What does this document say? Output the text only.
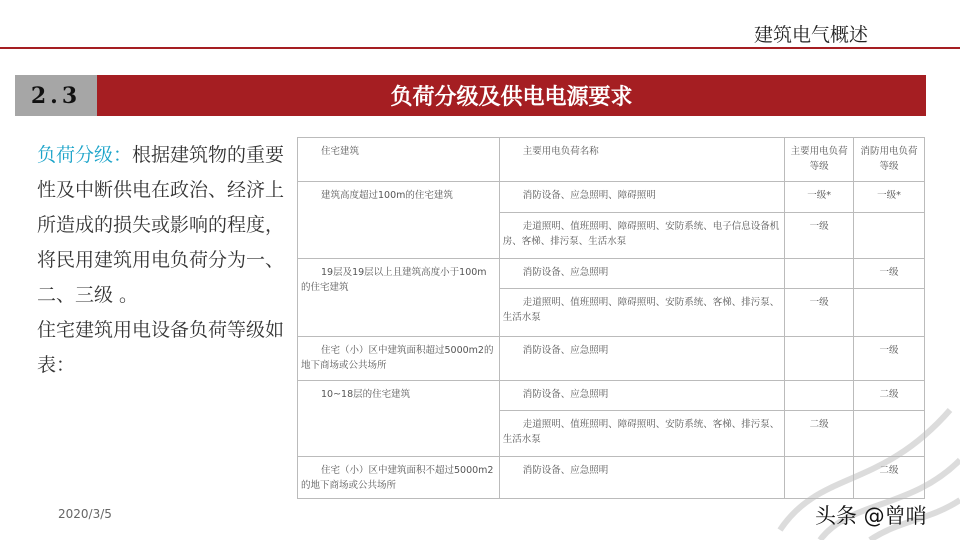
建筑电气概述
2.3	负荷分级及供电电源要求
负荷分级：根据建筑物的重要性及中断供电在政治、经济上所造成的损失或影响的程度，将民用建筑用电负荷分为一、二、三级 。
住宅建筑用电设备负荷等级如表：
住宅建筑	主要用电负荷名称	主要用电负荷等级	消防用电负荷等级
建筑高度超过100m的住宅建筑	消防设备、应急照明、障碍照明	一级*	一级*
	走道照明、值班照明、障碍照明、安防系统、电子信息设备机房、客梯、排污泵、生活水泵	一级	
19层及19层以上且建筑高度小于100m的住宅建筑	消防设备、应急照明		一级
	走道照明、值班照明、障碍照明、安防系统、客梯、排污泵、生活水泵	一级	
住宅（小）区中建筑面积超过5000m2的地下商场或公共场所	消防设备、应急照明		一级
10~18层的住宅建筑	消防设备、应急照明		二级
	走道照明、值班照明、障碍照明、安防系统、客梯、排污泵、生活水泵	二级	
住宅（小）区中建筑面积不超过5000m2的地下商场或公共场所	消防设备、应急照明		二级
2020/3/5	头条 @曾哨
